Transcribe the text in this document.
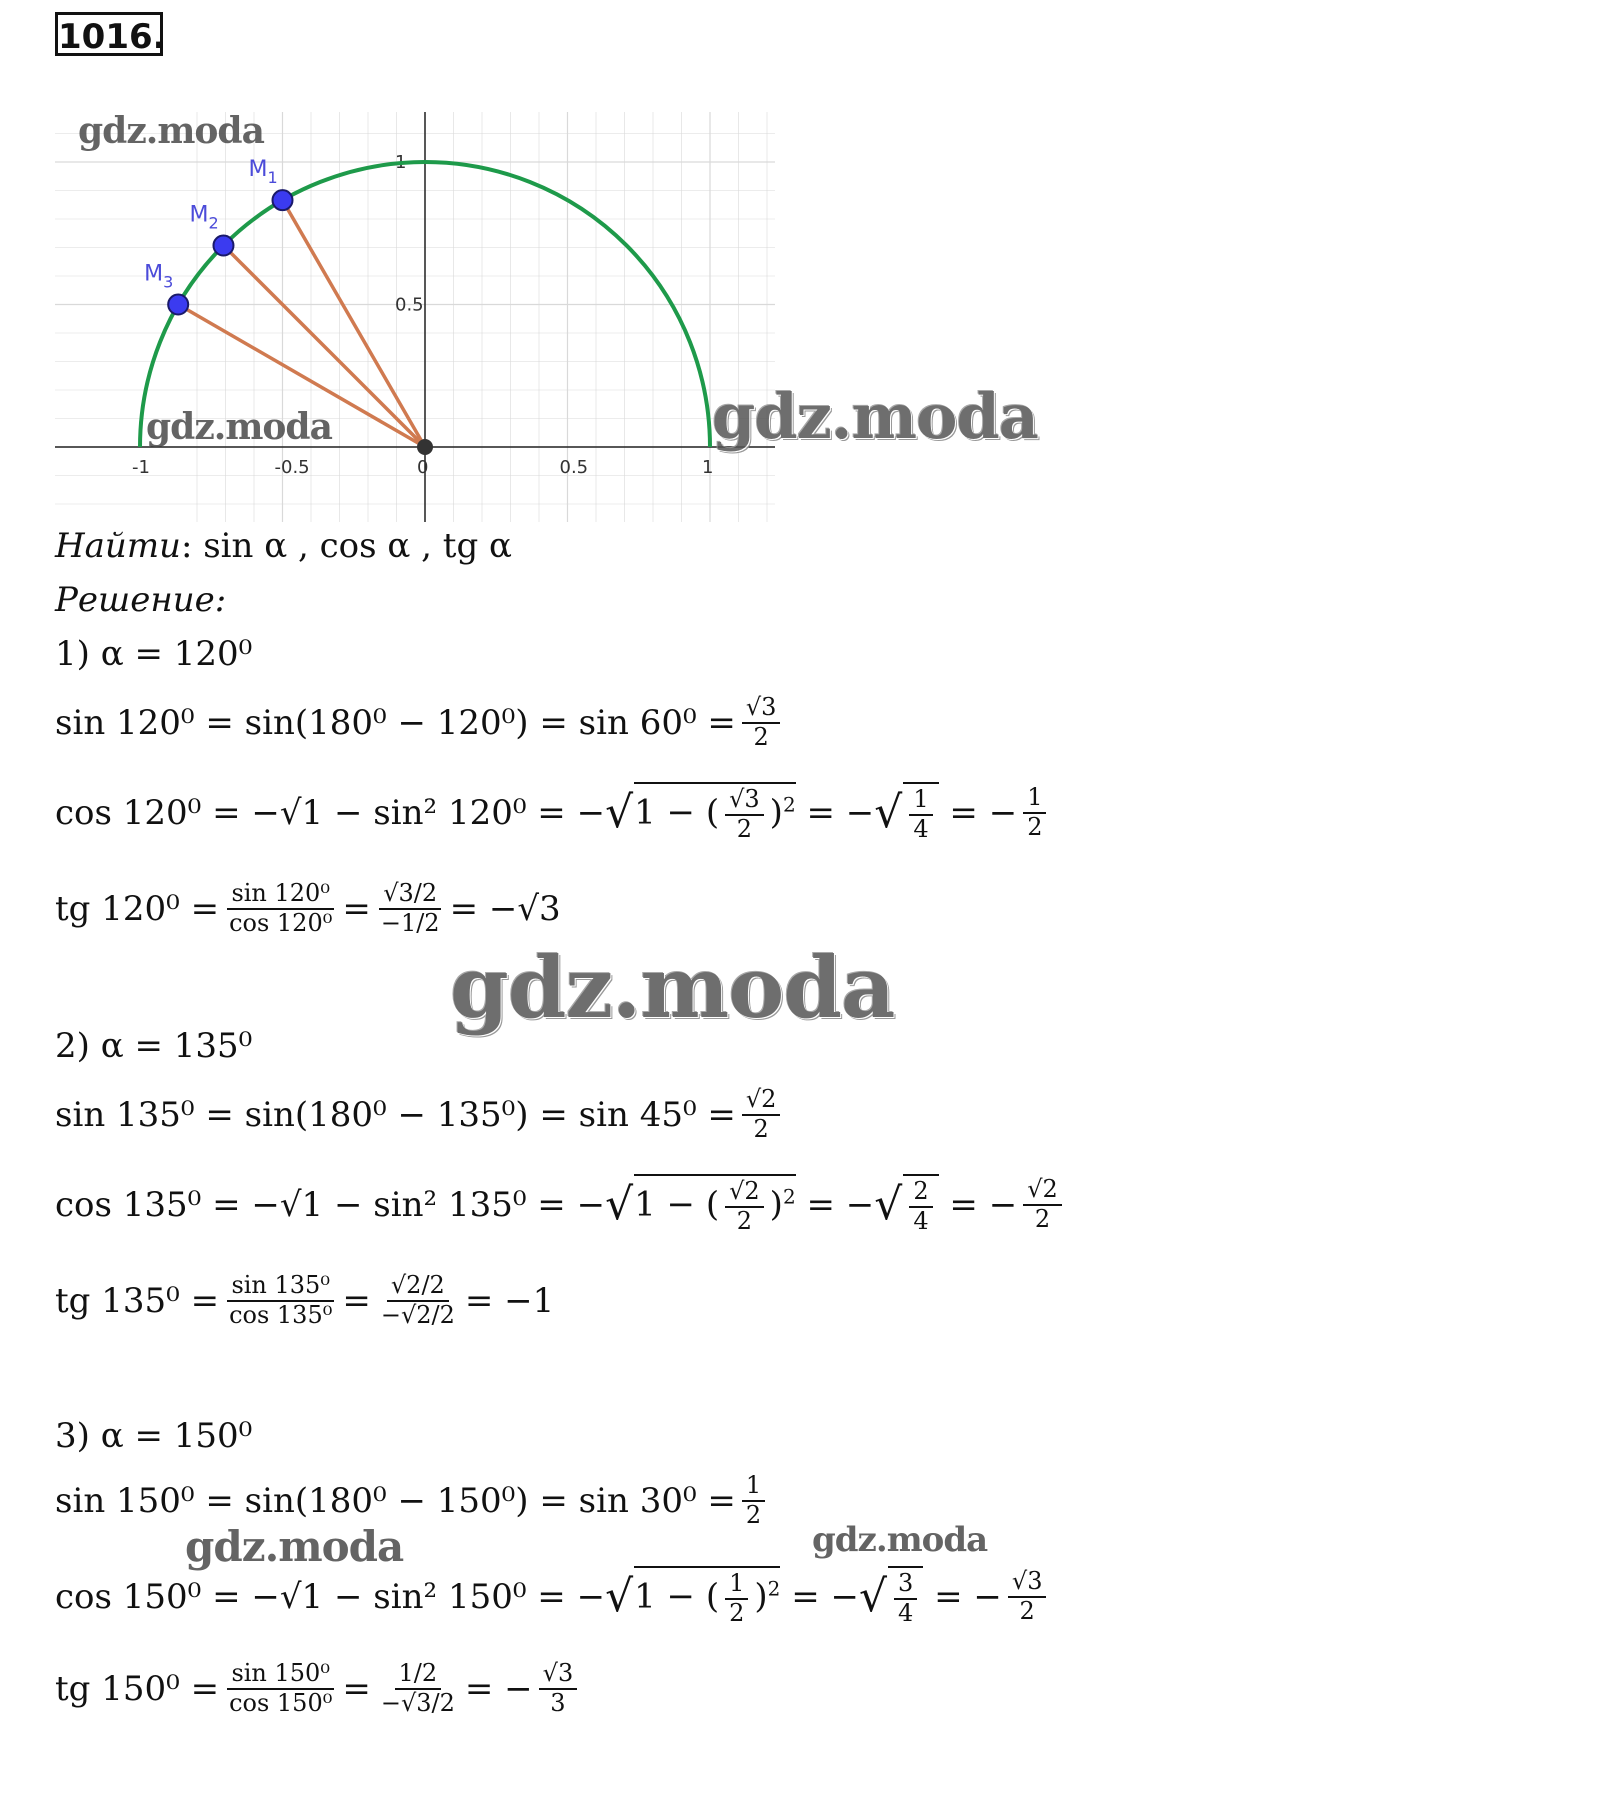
1016.
-1	-0.5	0	0.5	1
1
0.5
$M_1$
$M_2$
$M_3$
gdz.moda
gdz.moda	gdz.moda
gdz.moda
gdz.moda	gdz.moda
Найти: sin α , cos α , tg α
Решение:
1) α = 120⁰
$\sin 120^0 = \sin(180^0 - 120^0) = \sin 60^0 = \frac{√3}{2}$
cos 120⁰ = −√1 − sin² 120⁰ = − √ 1 − ( $\frac{√3}{2} )^2$ = − √ $\frac{1}{4}$ = − $\frac{1}{2}$
tg $120^0 = \frac{\text{sin 120⁰}}{\text{cos 120⁰}} = \frac{√3/2}{-1/2} = -√3$
2) α = 135⁰
$\sin 135^0 = \sin(180^0 - 135^0) = \sin 45^0 = \frac{√2}{2}$
cos 135⁰ = −√1 − sin² 135⁰ = − √ 1 − ( $\frac{√2}{2} )^2$ = − √ $\frac{2}{4}$ = − $\frac{√2}{2}$
tg $135^0 = \frac{\text{sin 135⁰}}{\text{cos 135⁰}} = \frac{√2/2}{-√2/2} = -1$
3) α = 150⁰
$\sin 150^0 = \sin(180^0 - 150^0) = \sin 30^0 = \frac{1}{2}$
cos 150⁰ = −√1 − sin² 150⁰ = − √ 1 − ( $\frac{1}{2} )^2$ = − √ $\frac{3}{4}$ = − $\frac{√3}{2}$
tg $150^0 = \frac{\text{sin 150⁰}}{\text{cos 150⁰}} = \frac{1/2}{-√3/2}$ = − $\frac{√3}{3}$
